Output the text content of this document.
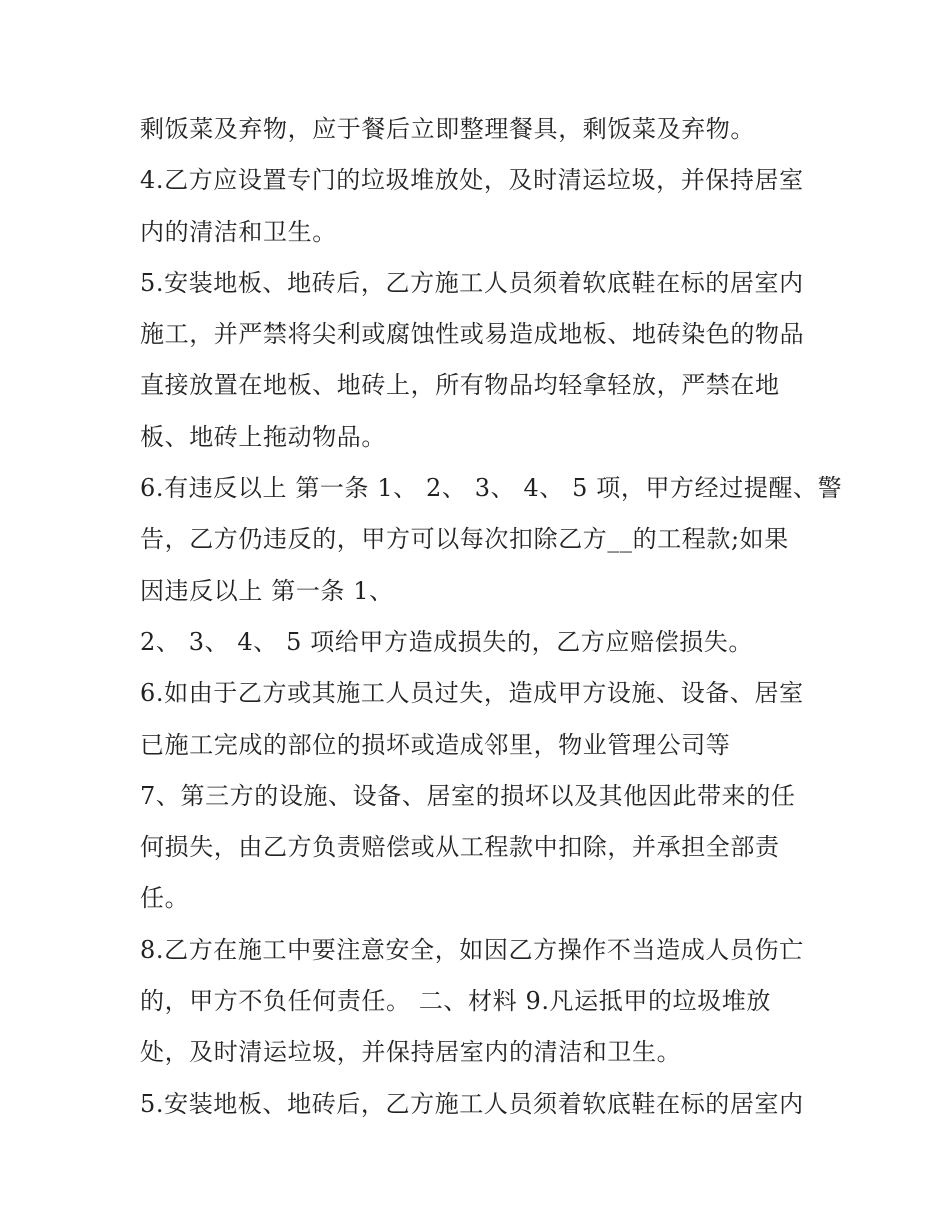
剩饭菜及弃物，应于餐后立即整理餐具，剩饭菜及弃物。
4.乙方应设置专门的垃圾堆放处，及时清运垃圾，并保持居室
内的清洁和卫生。
5.安装地板、地砖后，乙方施工人员须着软底鞋在标的居室内
施工，并严禁将尖利或腐蚀性或易造成地板、地砖染色的物品
直接放置在地板、地砖上，所有物品均轻拿轻放，严禁在地
板、地砖上拖动物品。
6.有违反以上 第一条 1、 2、 3、 4、 5 项，甲方经过提醒、警
告，乙方仍违反的，甲方可以每次扣除乙方__的工程款;如果
因违反以上 第一条 1、
2、 3、 4、 5 项给甲方造成损失的，乙方应赔偿损失。
6.如由于乙方或其施工人员过失，造成甲方设施、设备、居室
已施工完成的部位的损坏或造成邻里，物业管理公司等
7、第三方的设施、设备、居室的损坏以及其他因此带来的任
何损失，由乙方负责赔偿或从工程款中扣除，并承担全部责
任。
8.乙方在施工中要注意安全，如因乙方操作不当造成人员伤亡
的，甲方不负任何责任。 二、材料 9.凡运抵甲的垃圾堆放
处，及时清运垃圾，并保持居室内的清洁和卫生。
5.安装地板、地砖后，乙方施工人员须着软底鞋在标的居室内
